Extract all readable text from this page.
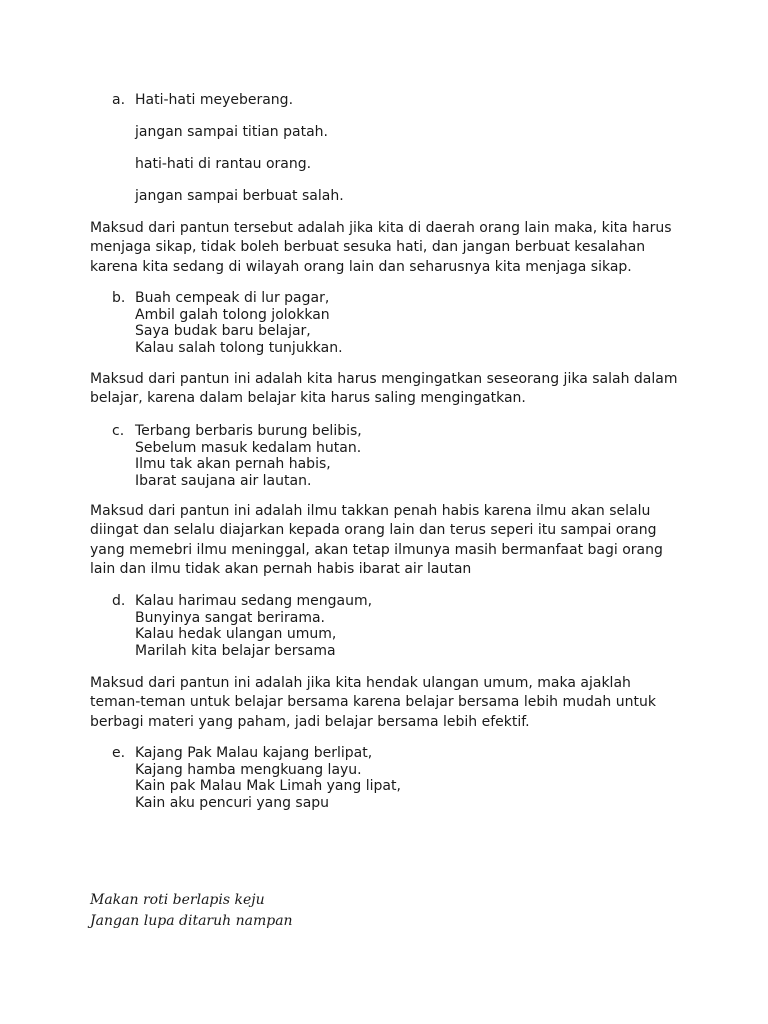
a. Hati-hati meyeberang.
jangan sampai titian patah.
hati-hati di rantau orang.
jangan sampai berbuat salah.
Maksud dari pantun tersebut adalah jika kita di daerah orang lain maka, kita harus
menjaga sikap, tidak boleh berbuat sesuka hati, dan jangan berbuat kesalahan
karena kita sedang di wilayah orang lain dan seharusnya kita menjaga sikap.
b. Buah cempeak di lur pagar,
Ambil galah tolong jolokkan
Saya budak baru belajar,
Kalau salah tolong tunjukkan.
Maksud dari pantun ini adalah kita harus mengingatkan seseorang jika salah dalam
belajar, karena dalam belajar kita harus saling mengingatkan.
c. Terbang berbaris burung belibis,
Sebelum masuk kedalam hutan.
Ilmu tak akan pernah habis,
Ibarat saujana air lautan.
Maksud dari pantun ini adalah ilmu takkan penah habis karena ilmu akan selalu
diingat dan selalu diajarkan kepada orang lain dan terus seperi itu sampai orang
yang memebri ilmu meninggal, akan tetap ilmunya masih bermanfaat bagi orang
lain dan ilmu tidak akan pernah habis ibarat air lautan
d. Kalau harimau sedang mengaum,
Bunyinya sangat berirama.
Kalau hedak ulangan umum,
Marilah kita belajar bersama
Maksud dari pantun ini adalah jika kita hendak ulangan umum, maka ajaklah
teman-teman untuk belajar bersama karena belajar bersama lebih mudah untuk
berbagi materi yang paham, jadi belajar bersama lebih efektif.
e. Kajang Pak Malau kajang berlipat,
Kajang hamba mengkuang layu.
Kain pak Malau Mak Limah yang lipat,
Kain aku pencuri yang sapu
Makan roti berlapis keju
Jangan lupa ditaruh nampan
